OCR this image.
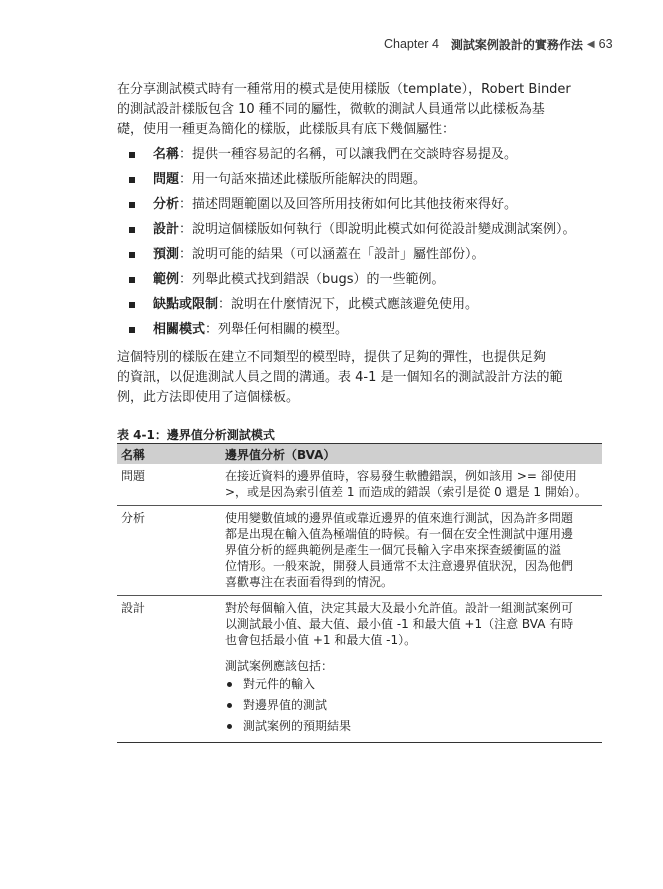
Chapter 4 測試案例設計的實務作法 ◀ 63
在分享測試模式時有一種常用的模式是使用樣版（template），Robert Binder
的測試設計樣版包含 10 種不同的屬性，微軟的測試人員通常以此樣板為基
礎，使用一種更為簡化的樣版，此樣版具有底下幾個屬性：
名稱：提供一種容易記的名稱，可以讓我們在交談時容易提及。
問題：用一句話來描述此樣版所能解決的問題。
分析：描述問題範圍以及回答所用技術如何比其他技術來得好。
設計：說明這個樣版如何執行（即說明此模式如何從設計變成測試案例）。
預測：說明可能的結果（可以涵蓋在「設計」屬性部份）。
範例：列舉此模式找到錯誤（bugs）的一些範例。
缺點或限制：說明在什麼情況下，此模式應該避免使用。
相關模式：列舉任何相關的模型。
這個特別的樣版在建立不同類型的模型時，提供了足夠的彈性，也提供足夠
的資訊，以促進測試人員之間的溝通。表 4-1 是一個知名的測試設計方法的範
例，此方法即使用了這個樣板。
表 4-1：邊界值分析測試模式
名稱	邊界值分析（BVA）
問題	在接近資料的邊界值時，容易發生軟體錯誤，例如該用 >= 卻使用
>，或是因為索引值差 1 而造成的錯誤（索引是從 0 還是 1 開始）。
分析	使用變數值域的邊界值或靠近邊界的值來進行測試，因為許多問題
都是出現在輸入值為極端值的時候。有一個在安全性測試中運用邊
界值分析的經典範例是產生一個冗長輸入字串來探查緩衝區的溢
位情形。一般來說，開發人員通常不太注意邊界值狀況，因為他們
喜歡專注在表面看得到的情況。
設計	對於每個輸入值，決定其最大及最小允許值。設計一組測試案例可
以測試最小值、最大值、最小值 -1 和最大值 +1（注意 BVA 有時
也會包括最小值 +1 和最大值 -1）。
測試案例應該包括：
對元件的輸入
對邊界值的測試
測試案例的預期結果
